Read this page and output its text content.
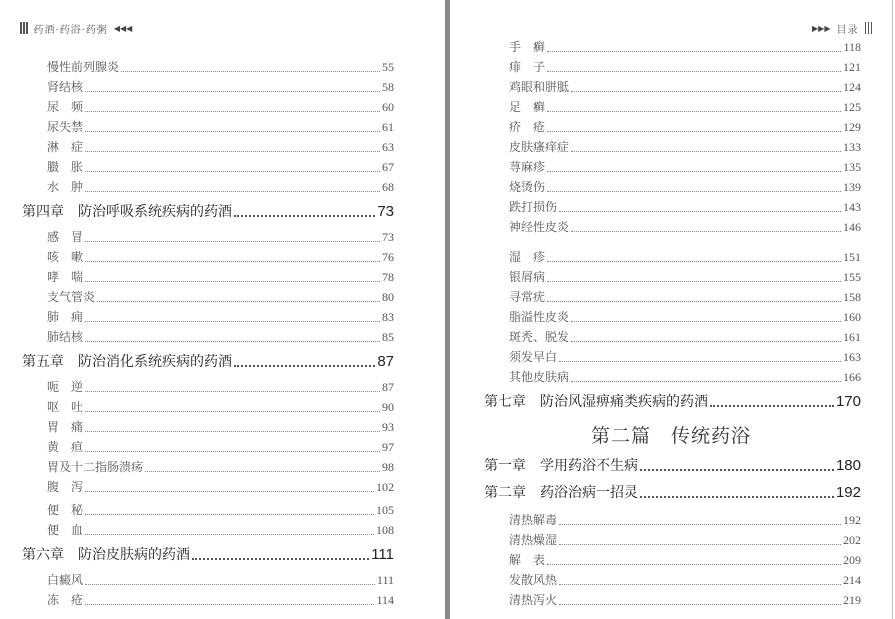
药酒·药浴·药粥 ◀◀◀
慢性前列腺炎	55
肾结核	58
尿　频	60
尿失禁	61
淋　症	63
臌　胀	67
水　肿	68
第四章　防治呼吸系统疾病的药酒	73
感　冒	73
咳　嗽	76
哮　喘	78
支气管炎	80
肺　痈	83
肺结核	85
第五章　防治消化系统疾病的药酒	87
呃　逆	87
呕　吐	90
胃　痛	93
黄　疸	97
胃及十二指肠溃疡	98
腹　泻	102
便　秘	105
便　血	108
第六章　防治皮肤病的药酒	111
白癜风	111
冻　疮	114
▶▶▶ 目录
手　癣	118
痱　子	121
鸡眼和胼胝	124
足　癣	125
疥　疮	129
皮肤瘙痒症	133
荨麻疹	135
烧烫伤	139
跌打损伤	143
神经性皮炎	146
湿　疹	151
银屑病	155
寻常疣	158
脂溢性皮炎	160
斑秃、脱发	161
须发早白	163
其他皮肤病	166
第七章　防治风湿痹痛类疾病的药酒	170
第二篇　传统药浴
第一章　学用药浴不生病	180
第二章　药浴治病一招灵	192
清热解毒	192
清热燥湿	202
解　表	209
发散风热	214
清热泻火	219
